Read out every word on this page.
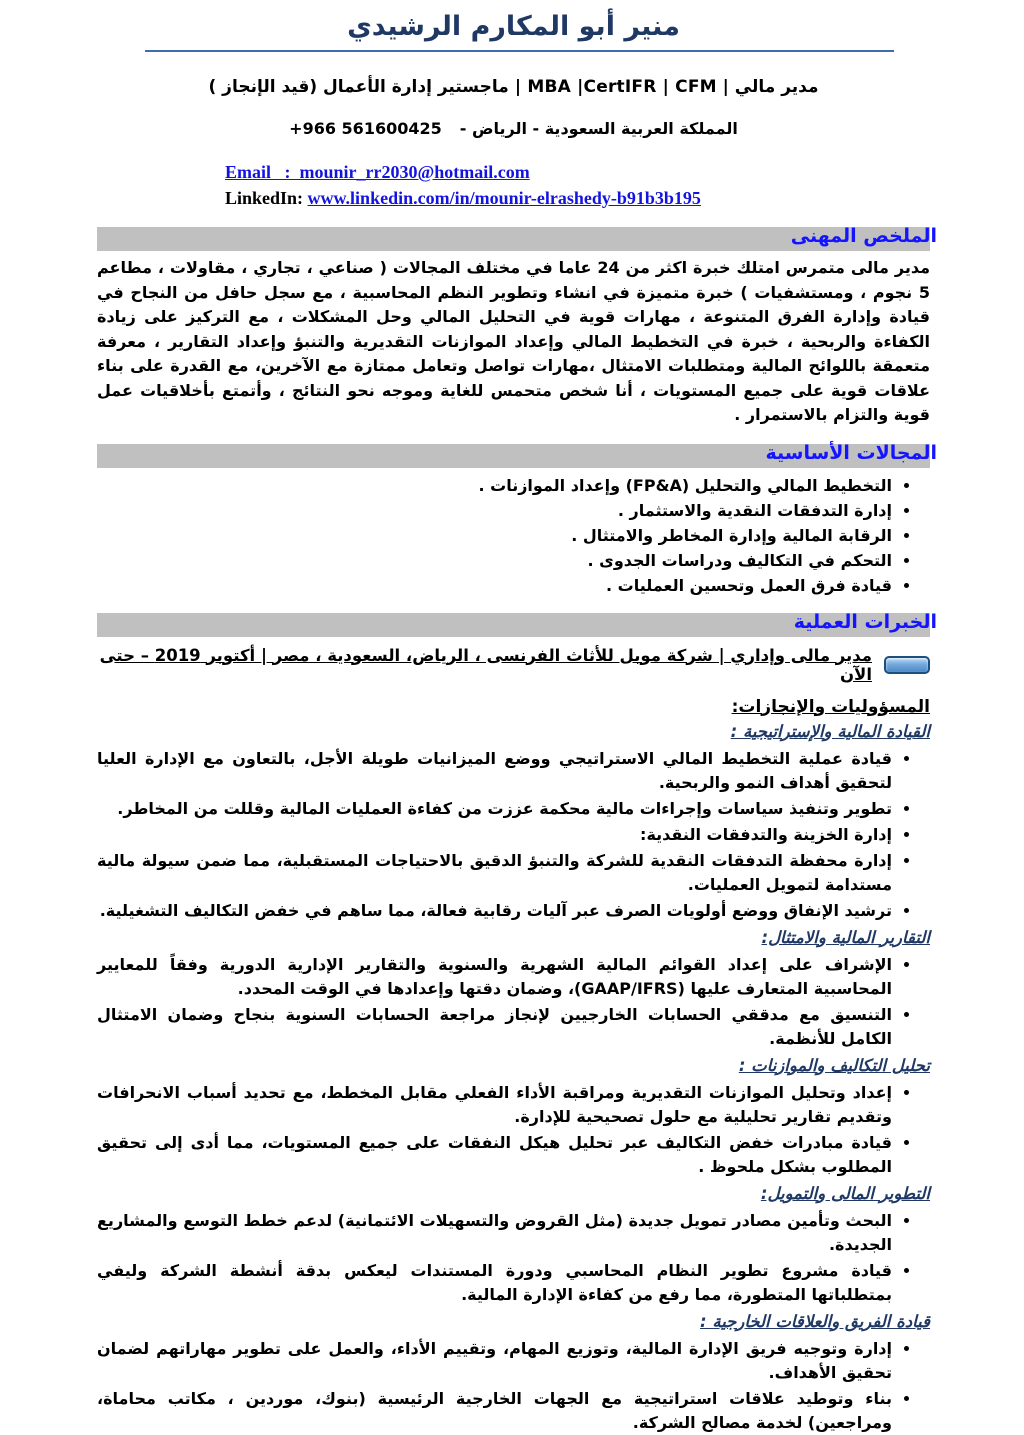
منير أبو المكارم الرشيدي
مدير مالي | MBA |CertIFR | CFM | ماجستير إدارة الأعمال (قيد الإنجاز )
المملكة العربية السعودية - الرياض -+966 561600425
Email   :  mounir_rr2030@hotmail.com
LinkedIn: www.linkedin.com/in/mounir-elrashedy-b91b3b195
الملخص المهنى

مدير مالى متمرس امتلك خبرة اكثر من 24 عاما في مختلف المجالات ( صناعي ، تجاري ، مقاولات ، مطاعم 5 نجوم ، ومستشفيات ) خبرة متميزة في انشاء وتطوير النظم المحاسبية ، مع سجل حافل من النجاح في قيادة وإدارة الفرق المتنوعة ، مهارات قوية في التحليل المالي وحل المشكلات ، مع التركيز على زيادة الكفاءة والربحية ، خبرة في التخطيط المالي وإعداد الموازنات التقديرية والتنبؤ وإعداد التقارير ، معرفة متعمقة باللوائح المالية ومتطلبات الامتثال ،مهارات تواصل وتعامل ممتازة مع الآخرين، مع القدرة على بناء علاقات قوية على جميع المستويات ، أنا شخص متحمس للغاية وموجه نحو النتائج ، وأتمتع بأخلاقيات عمل قوية والتزام بالاستمرار .

المجالات الأساسية
• التخطيط المالي والتحليل (FP&A) وإعداد الموازنات .
• إدارة التدفقات النقدية والاستثمار .
• الرقابة المالية وإدارة المخاطر والامتثال .
• التحكم في التكاليف ودراسات الجدوى .
• قيادة فرق العمل وتحسين العمليات .
الخبرات العملية
مدير مالى وإداري | شركة موبل للأثاث الفرنسى ، الرياض، السعودية ، مصر | أكتوبر 2019 – حتى الآن
المسؤوليات والإنجازات:
القيادة المالية والإستراتيجية :
• قيادة عملية التخطيط المالي الاستراتيجي ووضع الميزانيات طويلة الأجل، بالتعاون مع الإدارة العليا لتحقيق أهداف النمو والربحية.
• تطوير وتنفيذ سياسات وإجراءات مالية محكمة عززت من كفاءة العمليات المالية وقللت من المخاطر.
• إدارة الخزينة والتدفقات النقدية:
• إدارة محفظة التدفقات النقدية للشركة والتنبؤ الدقيق بالاحتياجات المستقبلية، مما ضمن سيولة مالية مستدامة لتمويل العمليات.
• ترشيد الإنفاق ووضع أولويات الصرف عبر آليات رقابية فعالة، مما ساهم في خفض التكاليف التشغيلية.
التقارير المالية والامتثال:
• الإشراف على إعداد القوائم المالية الشهرية والسنوية والتقارير الإدارية الدورية وفقاً للمعايير المحاسبية المتعارف عليها (GAAP/IFRS)، وضمان دقتها وإعدادها في الوقت المحدد.
• التنسيق مع مدققي الحسابات الخارجيين لإنجاز مراجعة الحسابات السنوية بنجاح وضمان الامتثال الكامل للأنظمة.
تحليل التكاليف والموازنات :
• إعداد وتحليل الموازنات التقديرية ومراقبة الأداء الفعلي مقابل المخطط، مع تحديد أسباب الانحرافات وتقديم تقارير تحليلية مع حلول تصحيحية للإدارة.
• قيادة مبادرات خفض التكاليف عبر تحليل هيكل النفقات على جميع المستويات، مما أدى إلى تحقيق المطلوب بشكل ملحوظ .
التطوير المالى والتمويل:
• البحث وتأمين مصادر تمويل جديدة (مثل القروض والتسهيلات الائتمانية) لدعم خطط التوسع والمشاريع الجديدة.
• قيادة مشروع تطوير النظام المحاسبي ودورة المستندات ليعكس بدقة أنشطة الشركة وليفي بمتطلباتها المتطورة، مما رفع من كفاءة الإدارة المالية.
قيادة الفريق والعلاقات الخارجية :
• إدارة وتوجيه فريق الإدارة المالية، وتوزيع المهام، وتقييم الأداء، والعمل على تطوير مهاراتهم لضمان تحقيق الأهداف.
• بناء وتوطيد علاقات استراتيجية مع الجهات الخارجية الرئيسية (بنوك، موردين ، مكاتب محاماة، ومراجعين) لخدمة مصالح الشركة.
